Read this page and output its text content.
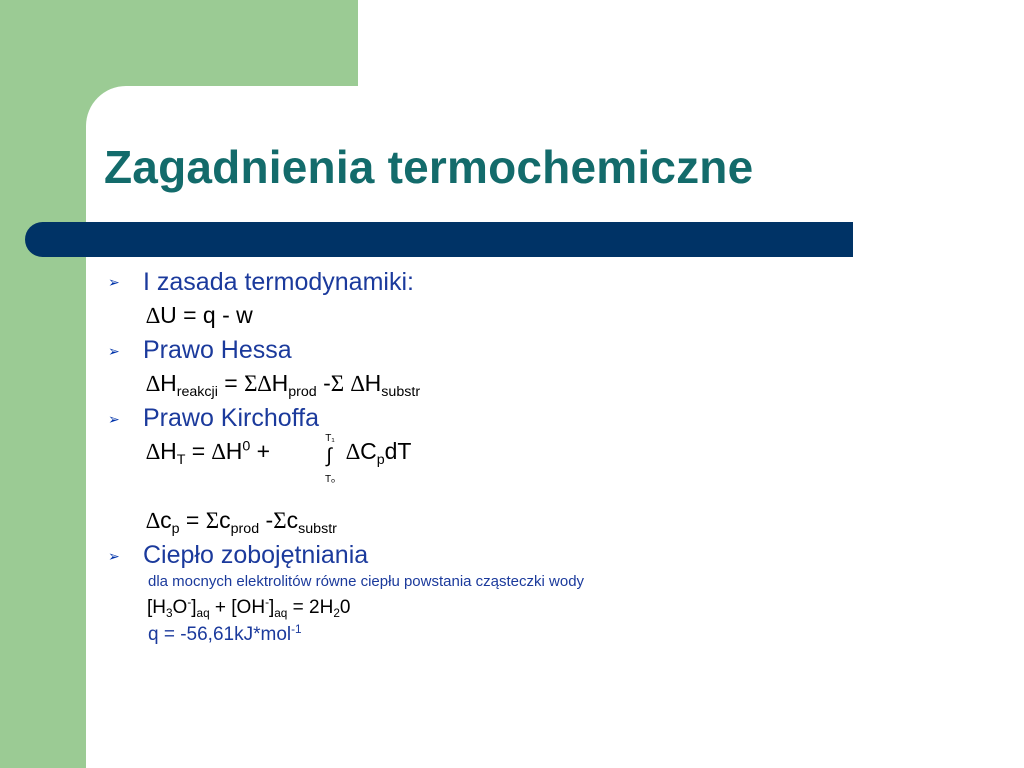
Zagadnienia termochemiczne
➢ I zasada termodynamiki:
∆U = q - w
➢ Prawo Hessa
$\Delta H_{reakcji} = \Sigma\Delta H_{prod}$ -Σ $\Delta H_{substr}$
➢ Prawo Kirchoffa
$\Delta H_T = \Delta H^0$ +	T₁
∫
Tₒ
$\Delta C_pdT$
$\Delta c_p = \Sigma c_{prod}$ $-\Sigma c_{substr}$
➢ Ciepło zobojętniania
dla mocnych elektrolitów równe ciepłu powstania cząsteczki wody
$[H_3O^-]_{aq} + [OH^-]_{aq} = 2H_20$
q = -56,61kJ*mol$^{-1}$
